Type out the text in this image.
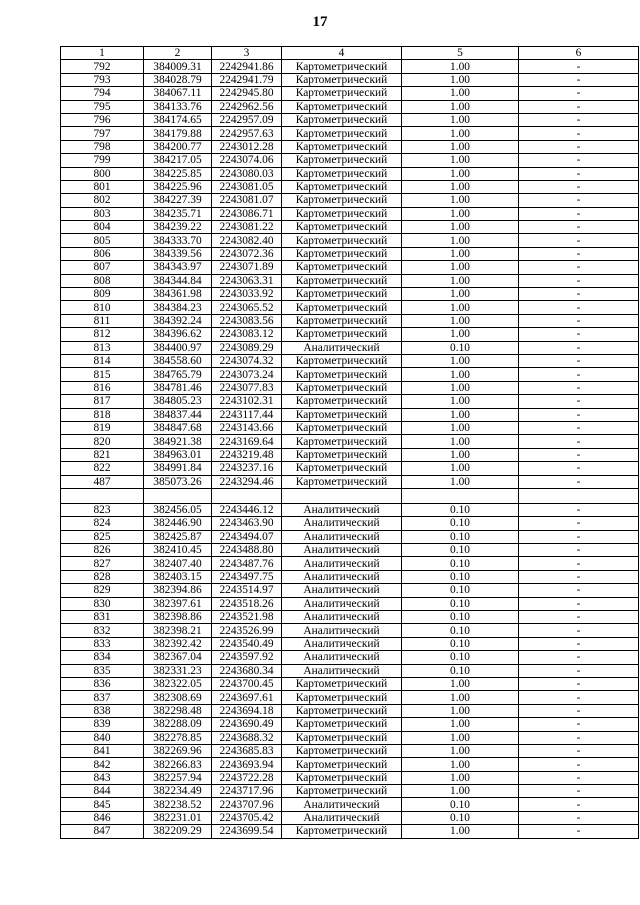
17
1	2	3	4	5	6
792	384009.31	2242941.86	Картометрический	1.00	-
793	384028.79	2242941.79	Картометрический	1.00	-
794	384067.11	2242945.80	Картометрический	1.00	-
795	384133.76	2242962.56	Картометрический	1.00	-
796	384174.65	2242957.09	Картометрический	1.00	-
797	384179.88	2242957.63	Картометрический	1.00	-
798	384200.77	2243012.28	Картометрический	1.00	-
799	384217.05	2243074.06	Картометрический	1.00	-
800	384225.85	2243080.03	Картометрический	1.00	-
801	384225.96	2243081.05	Картометрический	1.00	-
802	384227.39	2243081.07	Картометрический	1.00	-
803	384235.71	2243086.71	Картометрический	1.00	-
804	384239.22	2243081.22	Картометрический	1.00	-
805	384333.70	2243082.40	Картометрический	1.00	-
806	384339.56	2243072.36	Картометрический	1.00	-
807	384343.97	2243071.89	Картометрический	1.00	-
808	384344.84	2243063.31	Картометрический	1.00	-
809	384361.98	2243033.92	Картометрический	1.00	-
810	384384.23	2243065.52	Картометрический	1.00	-
811	384392.24	2243083.56	Картометрический	1.00	-
812	384396.62	2243083.12	Картометрический	1.00	-
813	384400.97	2243089.29	Аналитический	0.10	-
814	384558.60	2243074.32	Картометрический	1.00	-
815	384765.79	2243073.24	Картометрический	1.00	-
816	384781.46	2243077.83	Картометрический	1.00	-
817	384805.23	2243102.31	Картометрический	1.00	-
818	384837.44	2243117.44	Картометрический	1.00	-
819	384847.68	2243143.66	Картометрический	1.00	-
820	384921.38	2243169.64	Картометрический	1.00	-
821	384963.01	2243219.48	Картометрический	1.00	-
822	384991.84	2243237.16	Картометрический	1.00	-
487	385073.26	2243294.46	Картометрический	1.00	-

823	382456.05	2243446.12	Аналитический	0.10	-
824	382446.90	2243463.90	Аналитический	0.10	-
825	382425.87	2243494.07	Аналитический	0.10	-
826	382410.45	2243488.80	Аналитический	0.10	-
827	382407.40	2243487.76	Аналитический	0.10	-
828	382403.15	2243497.75	Аналитический	0.10	-
829	382394.86	2243514.97	Аналитический	0.10	-
830	382397.61	2243518.26	Аналитический	0.10	-
831	382398.86	2243521.98	Аналитический	0.10	-
832	382398.21	2243526.99	Аналитический	0.10	-
833	382392.42	2243540.49	Аналитический	0.10	-
834	382367.04	2243597.92	Аналитический	0.10	-
835	382331.23	2243680.34	Аналитический	0.10	-
836	382322.05	2243700.45	Картометрический	1.00	-
837	382308.69	2243697.61	Картометрический	1.00	-
838	382298.48	2243694.18	Картометрический	1.00	-
839	382288.09	2243690.49	Картометрический	1.00	-
840	382278.85	2243688.32	Картометрический	1.00	-
841	382269.96	2243685.83	Картометрический	1.00	-
842	382266.83	2243693.94	Картометрический	1.00	-
843	382257.94	2243722.28	Картометрический	1.00	-
844	382234.49	2243717.96	Картометрический	1.00	-
845	382238.52	2243707.96	Аналитический	0.10	-
846	382231.01	2243705.42	Аналитический	0.10	-
847	382209.29	2243699.54	Картометрический	1.00	-
